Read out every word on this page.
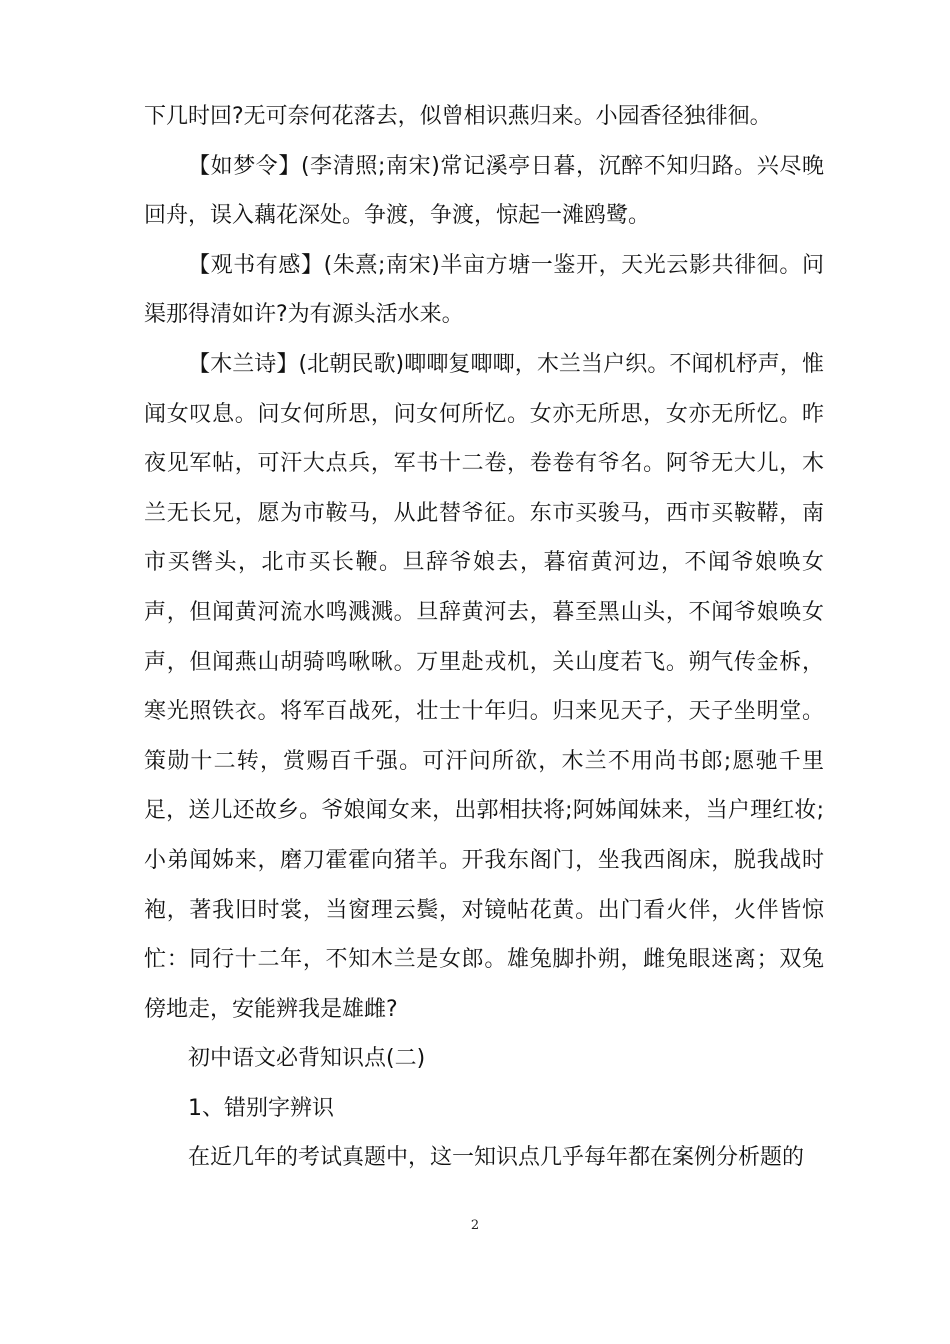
下几时回?无可奈何花落去，似曾相识燕归来。小园香径独徘徊。

【如梦令】(李清照;南宋)常记溪亭日暮，沉醉不知归路。兴尽晚回舟，误入藕花深处。争渡，争渡，惊起一滩鸥鹭。

【观书有感】(朱熹;南宋)半亩方塘一鉴开，天光云影共徘徊。问渠那得清如许?为有源头活水来。

【木兰诗】(北朝民歌)唧唧复唧唧，木兰当户织。不闻机杼声，惟闻女叹息。问女何所思，问女何所忆。女亦无所思，女亦无所忆。昨夜见军帖，可汗大点兵，军书十二卷，卷卷有爷名。阿爷无大儿，木兰无长兄，愿为市鞍马，从此替爷征。东市买骏马，西市买鞍鞯，南市买辔头，北市买长鞭。旦辞爷娘去，暮宿黄河边，不闻爷娘唤女声，但闻黄河流水鸣溅溅。旦辞黄河去，暮至黑山头，不闻爷娘唤女声，但闻燕山胡骑鸣啾啾。万里赴戎机，关山度若飞。朔气传金柝，寒光照铁衣。将军百战死，壮士十年归。归来见天子，天子坐明堂。策勋十二转，赏赐百千强。可汗问所欲，木兰不用尚书郎;愿驰千里足，送儿还故乡。爷娘闻女来，出郭相扶将;阿姊闻妹来，当户理红妆;小弟闻姊来，磨刀霍霍向猪羊。开我东阁门，坐我西阁床，脱我战时袍，著我旧时裳，当窗理云鬓，对镜帖花黄。出门看火伴，火伴皆惊忙：同行十二年，不知木兰是女郎。雄兔脚扑朔，雌兔眼迷离；双兔傍地走，安能辨我是雄雌?

初中语文必背知识点(二)

1、错别字辨识

在近几年的考试真题中，这一知识点几乎每年都在案例分析题的

2
